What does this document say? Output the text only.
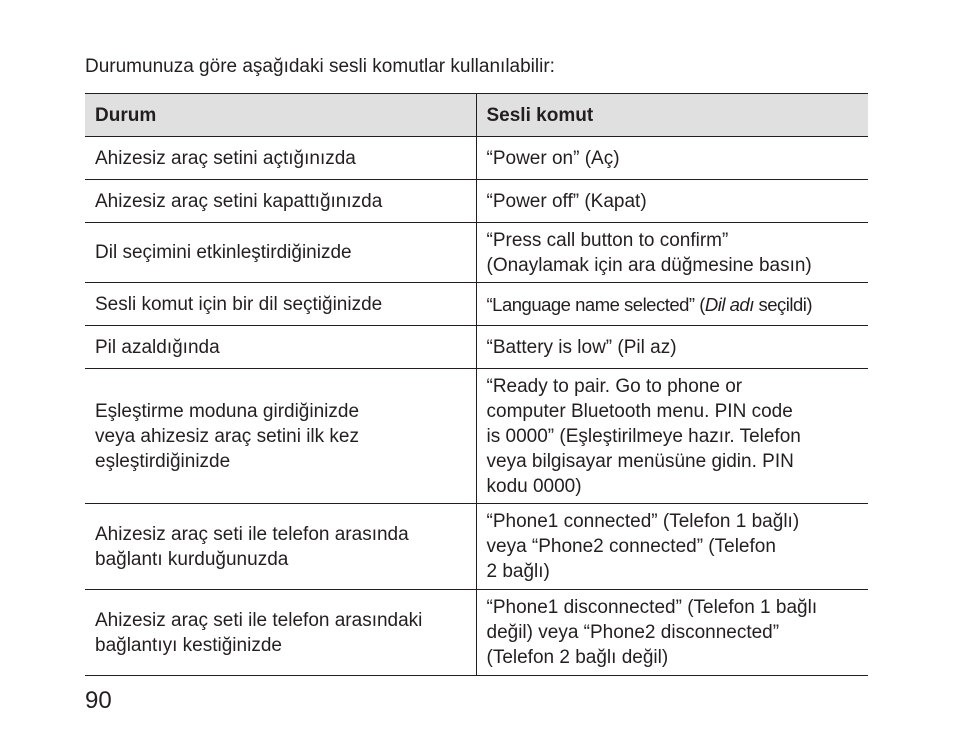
Durumunuza göre aşağıdaki sesli komutlar kullanılabilir:
Durum	Sesli komut
Ahizesiz araç setini açtığınızda	“Power on” (Aç)
Ahizesiz araç setini kapattığınızda	“Power off” (Kapat)
Dil seçimini etkinleştirdiğinizde	“Press call button to confirm”
(Onaylamak için ara düğmesine basın)
Sesli komut için bir dil seçtiğinizde	“Language name selected” (Dil adı seçildi)
Pil azaldığında	“Battery is low” (Pil az)
Eşleştirme moduna girdiğinizde
veya ahizesiz araç setini ilk kez
eşleştirdiğinizde	“Ready to pair. Go to phone or
computer Bluetooth menu. PIN code
is 0000” (Eşleştirilmeye hazır. Telefon
veya bilgisayar menüsüne gidin. PIN
kodu 0000)
Ahizesiz araç seti ile telefon arasında
bağlantı kurduğunuzda	“Phone1 connected” (Telefon 1 bağlı)
veya “Phone2 connected” (Telefon
2 bağlı)
Ahizesiz araç seti ile telefon arasındaki
bağlantıyı kestiğinizde	“Phone1 disconnected” (Telefon 1 bağlı
değil) veya “Phone2 disconnected”
(Telefon 2 bağlı değil)
90
